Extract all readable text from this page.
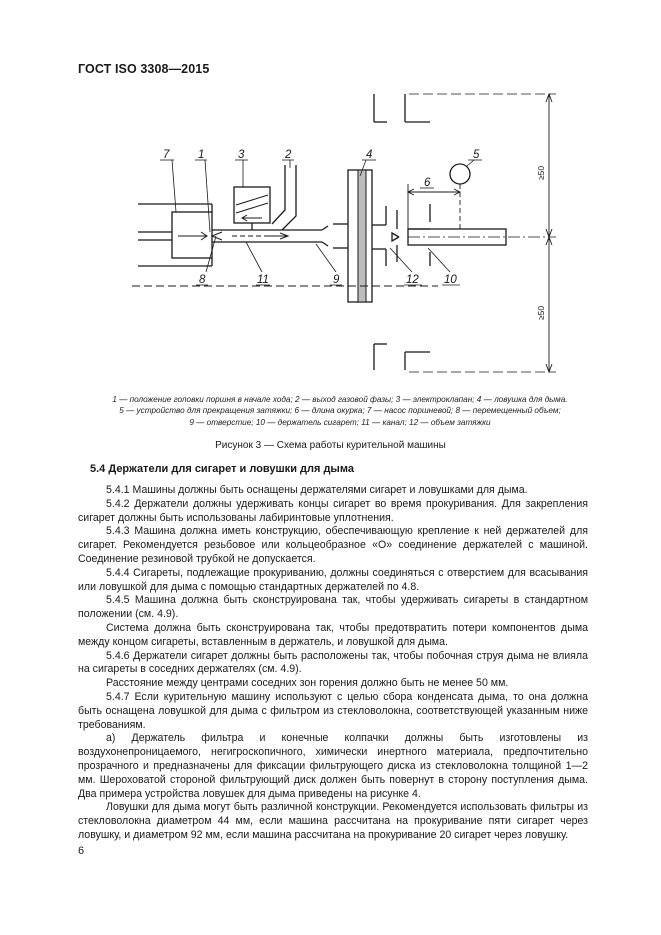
ГОСТ ISO 3308—2015
7 1	3	2	4	5
6
8	11	9	12 10
≥50
≥50
1 — положение головки поршня в начале хода; 2 — выход газовой фазы; 3 — электроклапан; 4 — ловушка для дыма.
5 — устройство для прекращения затяжки; 6 — длина окурка; 7 — насос поршневой; 8 — перемещенный объем;
9 — отверстие; 10 — держатель сигарет; 11 — канал; 12 — объем затяжки
Рисунок 3 — Схема работы курительной машины
5.4 Держатели для сигарет и ловушки для дыма

5.4.1 Машины должны быть оснащены держателями сигарет и ловушками для дыма.

5.4.2 Держатели должны удерживать концы сигарет во время прокуривания. Для закрепления сигарет должны быть использованы лабиринтовые уплотнения.

5.4.3 Машина должна иметь конструкцию, обеспечивающую крепление к ней держателей для сигарет. Рекомендуется резьбовое или кольцеобразное «О» соединение держателей с машиной. Соединение резиновой трубкой не допускается.

5.4.4 Сигареты, подлежащие прокуриванию, должны соединяться с отверстием для всасывания или ловушкой для дыма с помощью стандартных держателей по 4.8.

5.4.5 Машина должна быть сконструирована так, чтобы удерживать сигареты в стандартном положении (см. 4.9).

Система должна быть сконструирована так, чтобы предотвратить потери компонентов дыма между концом сигареты, вставленным в держатель, и ловушкой для дыма.

5.4.6 Держатели сигарет должны быть расположены так, чтобы побочная струя дыма не влияла на сигареты в соседних держателях (см. 4.9).

Расстояние между центрами соседних зон горения должно быть не менее 50 мм.

5.4.7 Если курительную машину используют с целью сбора конденсата дыма, то она должна быть оснащена ловушкой для дыма с фильтром из стекловолокна, соответствующей указанным ниже требованиям.

а) Держатель фильтра и конечные колпачки должны быть изготовлены из воздухонепроницаемого, негигроскопичного, химически инертного материала, предпочтительно прозрачного и предназначены для фиксации фильтрующего диска из стекловолокна толщиной 1—2 мм. Шероховатой стороной фильтрующий диск должен быть повернут в сторону поступления дыма. Два примера устройства ловушек для дыма приведены на рисунке 4.

Ловушки для дыма могут быть различной конструкции. Рекомендуется использовать фильтры из стекловолокна диаметром 44 мм, если машина рассчитана на прокуривание пяти сигарет через ловушку, и диаметром 92 мм, если машина рассчитана на прокуривание 20 сигарет через ловушку.

6
